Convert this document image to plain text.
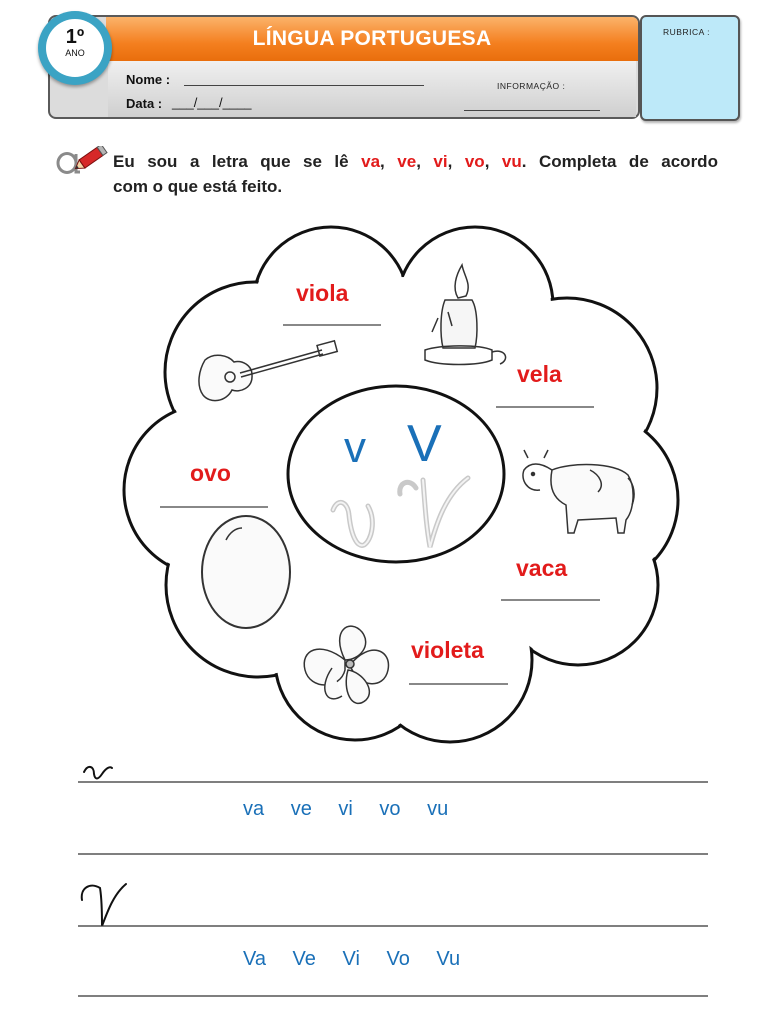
LÍNGUA PORTUGUESA
1º
ANO
Nome :
Data : ___/___/____
INFORMAÇÃO :
RUBRICA :
Eu sou a letra que se lê va, ve, vi, vo, vu. Completa de acordo
com o que está feito.
viola
vela
ovo
vaca
violeta
v V
va ve vi vo vu
Va Ve Vi Vo Vu
